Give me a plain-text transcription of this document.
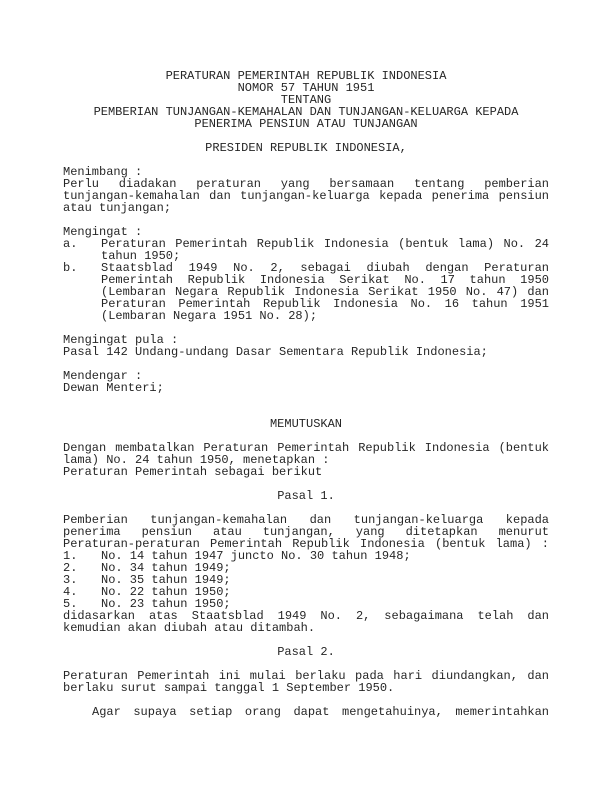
PERATURAN PEMERINTAH REPUBLIK INDONESIA
NOMOR 57 TAHUN 1951
TENTANG
PEMBERIAN TUNJANGAN-KEMAHALAN DAN TUNJANGAN-KELUARGA KEPADA
PENERIMA PENSIUN ATAU TUNJANGAN
PRESIDEN REPUBLIK INDONESIA,
Menimbang :
Perlu diadakan peraturan yang bersamaan tentang pemberian
tunjangan-kemahalan dan tunjangan-keluarga kepada penerima pensiun
atau tunjangan;
Mengingat :
a.	Peraturan Pemerintah Republik Indonesia (bentuk lama) No. 24
tahun 1950;
b.	Staatsblad 1949 No. 2, sebagai diubah dengan Peraturan
Pemerintah Republik Indonesia Serikat No. 17 tahun 1950
(Lembaran Negara Republik Indonesia Serikat 1950 No. 47) dan
Peraturan Pemerintah Republik Indonesia No. 16 tahun 1951
(Lembaran Negara 1951 No. 28);
Mengingat pula :
Pasal 142 Undang-undang Dasar Sementara Republik Indonesia;
Mendengar :
Dewan Menteri;
MEMUTUSKAN
Dengan membatalkan Peraturan Pemerintah Republik Indonesia (bentuk
lama) No. 24 tahun 1950, menetapkan :
Peraturan Pemerintah sebagai berikut
Pasal 1.
Pemberian tunjangan-kemahalan dan tunjangan-keluarga kepada
penerima pensiun atau tunjangan, yang ditetapkan menurut
Peraturan-peraturan Pemerintah Republik Indonesia (bentuk lama) :
1.	No. 14 tahun 1947 juncto No. 30 tahun 1948;
2.	No. 34 tahun 1949;
3.	No. 35 tahun 1949;
4.	No. 22 tahun 1950;
5.	No. 23 tahun 1950;
didasarkan atas Staatsblad 1949 No. 2, sebagaimana telah dan
kemudian akan diubah atau ditambah.
Pasal 2.
Peraturan Pemerintah ini mulai berlaku pada hari diundangkan, dan
berlaku surut sampai tanggal 1 September 1950.
Agar supaya setiap orang dapat mengetahuinya, memerintahkan
